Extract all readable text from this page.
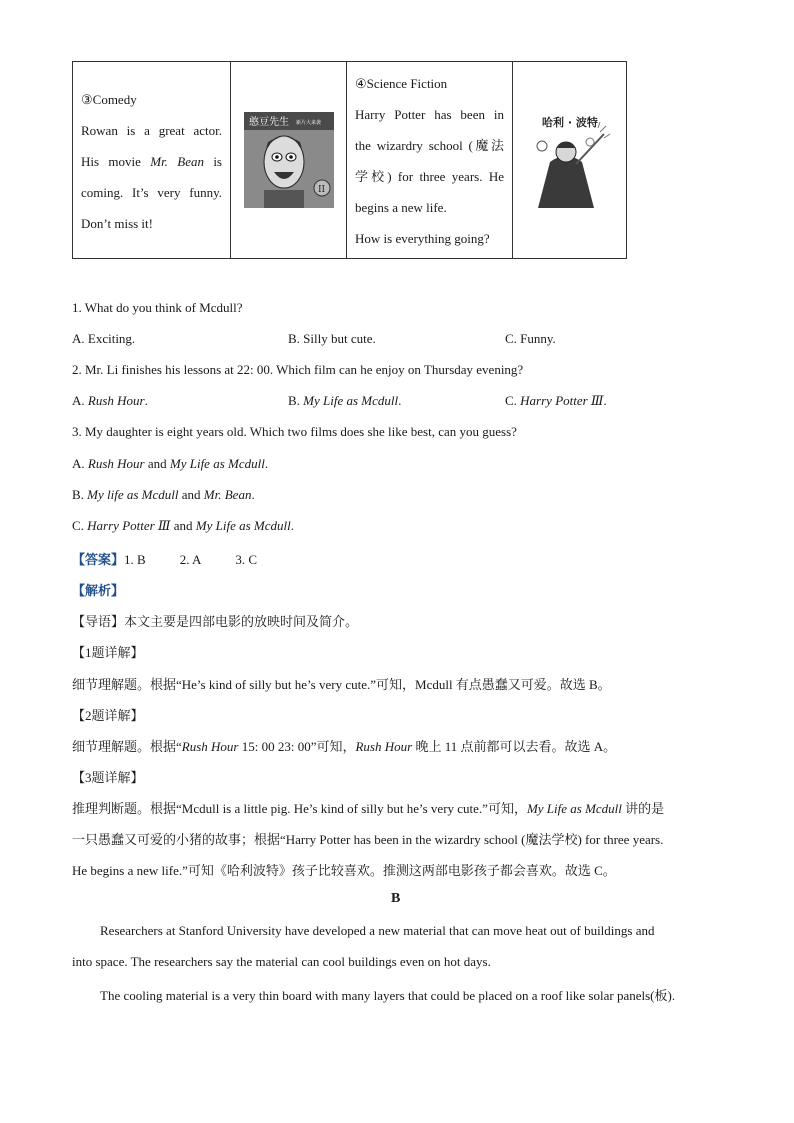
③Comedy
Rowan is a great actor.
His movie Mr. Bean is
coming. It’s very funny.
Don’t miss it!

憨豆先生 新片大来袭
II

④Science Fiction
Harry Potter has been in
the wizardry school (魔法
学校) for three years. He
begins a new life.
How is everything going?

哈利 · 波特
1. What do you think of Mcdull?
A. Exciting.	B. Silly but cute.	C. Funny.
2. Mr. Li finishes his lessons at 22: 00. Which film can he enjoy on Thursday evening?
A. Rush Hour.	B. My Life as Mcdull.	C. Harry Potter Ⅲ.
3. My daughter is eight years old. Which two films does she like best, can you guess?
A. Rush Hour and My Life as Mcdull.
B. My life as Mcdull and Mr. Bean.
C. Harry Potter Ⅲ and My Life as Mcdull.
【答案】1. B	2. A	3. C
【解析】
【导语】本文主要是四部电影的放映时间及简介。
【1题详解】
细节理解题。根据“He’s kind of silly but he’s very cute.”可知，Mcdull 有点愚蠢又可爱。故选 B。
【2题详解】
细节理解题。根据“Rush Hour 15: 00 23: 00”可知，Rush Hour 晚上 11 点前都可以去看。故选 A。
【3题详解】
推理判断题。根据“Mcdull is a little pig. He’s kind of silly but he’s very cute.”可知，My Life as Mcdull 讲的是
一只愚蠢又可爱的小猪的故事；根据“Harry Potter has been in the wizardry school (魔法学校) for three years.
He begins a new life.”可知《哈利波特》孩子比较喜欢。推测这两部电影孩子都会喜欢。故选 C。
B
Researchers at Stanford University have developed a new material that can move heat out of buildings and
into space. The researchers say the material can cool buildings even on hot days.
The cooling material is a very thin board with many layers that could be placed on a roof like solar panels(板).
